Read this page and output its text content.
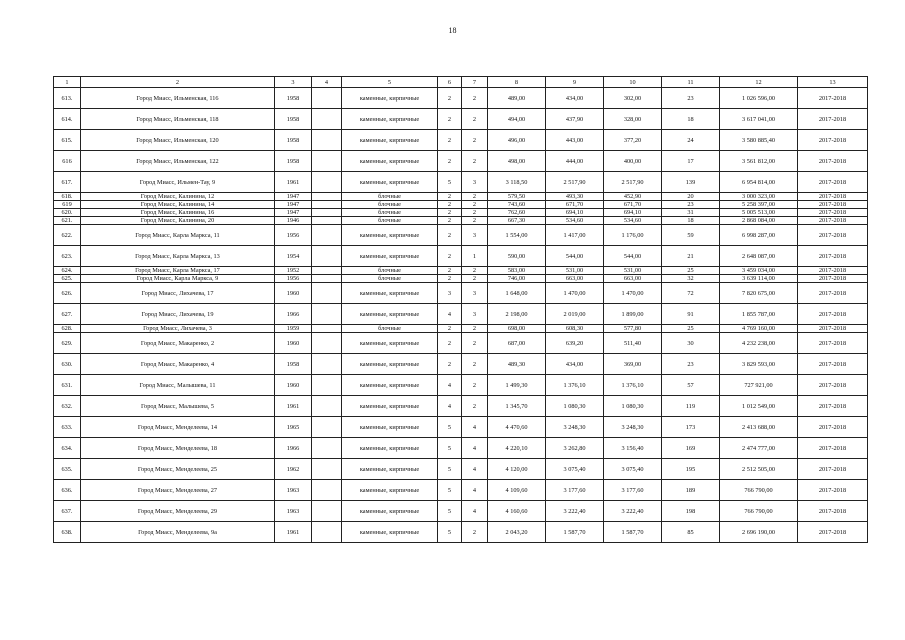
18
1	2	3	4	5	6	7	8	9	10	11	12	13
613.	Город Миасс, Ильменская, 116	1958		каменные, кирпичные	2	2	489,00	434,00	302,00	23	1 026 596,00	2017-2018
614.	Город Миасс, Ильменская, 118	1958		каменные, кирпичные	2	2	494,00	437,90	328,00	18	3 617 041,00	2017-2018
615.	Город Миасс, Ильменская, 120	1958		каменные, кирпичные	2	2	496,00	443,00	377,20	24	3 580 885,40	2017-2018
616	Город Миасс, Ильменская, 122	1958		каменные, кирпичные	2	2	498,00	444,00	400,00	17	3 561 812,00	2017-2018
617.	Город Миасс, Ильмен-Тау, 9	1961		каменные, кирпичные	5	3	3 118,50	2 517,90	2 517,90	139	6 954 814,00	2017-2018
618.	Город Миасс, Калинина, 12	1947		блочные	2	2	579,50	493,30	452,90	20	3 000 323,00	2017-2018
619	Город Миасс, Калинина, 14	1947		блочные	2	2	743,60	671,70	671,70	23	5 258 397,00	2017-2018
620.	Город Миасс, Калинина, 16	1947		блочные	2	2	762,60	694,10	694,10	31	5 005 513,00	2017-2018
621.	Город Миасс, Калинина, 20	1946		блочные	2	2	667,30	534,60	534,60	18	2 868 084,00	2017-2018
622.	Город Миасс, Карла Маркса, 11	1956		каменные, кирпичные	2	3	1 554,00	1 417,00	1 176,00	59	6 998 287,00	2017-2018
623.	Город Миасс, Карла Маркса, 13	1954		каменные, кирпичные	2	1	590,00	544,00	544,00	21	2 648 087,00	2017-2018
624.	Город Миасс, Карла Маркса, 17	1952		блочные	2	2	583,00	531,00	531,00	25	3 459 034,00	2017-2018
625.	Город Миасс, Карла Маркса, 9	1956		блочные	2	2	746,00	663,00	663,00	32	3 639 114,00	2017-2018
626.	Город Миасс, Лихачева, 17	1960		каменные, кирпичные	3	3	1 648,00	1 470,00	1 470,00	72	7 820 675,00	2017-2018
627.	Город Миасс, Лихачева, 19	1966		каменные, кирпичные	4	3	2 198,00	2 019,00	1 899,00	91	1 855 787,00	2017-2018
628.	Город Миасс, Лихачева, 3	1959		блочные	2	2	698,00	608,30	577,80	25	4 769 160,00	2017-2018
629.	Город Миасс, Макаренко, 2	1960		каменные, кирпичные	2	2	687,00	639,20	511,40	30	4 232 238,00	2017-2018
630.	Город Миасс, Макаренко, 4	1958		каменные, кирпичные	2	2	489,30	434,00	369,00	23	3 829 593,00	2017-2018
631.	Город Миасс, Малышева, 11	1960		каменные, кирпичные	4	2	1 499,30	1 376,10	1 376,10	57	727 921,00	2017-2018
632.	Город Миасс, Малышева, 5	1961		каменные, кирпичные	4	2	1 345,70	1 080,30	1 080,30	119	1 012 549,00	2017-2018
633.	Город Миасс, Менделеева, 14	1965		каменные, кирпичные	5	4	4 470,60	3 248,30	3 248,30	173	2 413 688,00	2017-2018
634.	Город Миасс, Менделеева, 18	1966		каменные, кирпичные	5	4	4 220,10	3 262,80	3 156,40	169	2 474 777,00	2017-2018
635.	Город Миасс, Менделеева, 25	1962		каменные, кирпичные	5	4	4 120,00	3 075,40	3 075,40	195	2 512 505,00	2017-2018
636.	Город Миасс, Менделеева, 27	1963		каменные, кирпичные	5	4	4 109,60	3 177,60	3 177,60	189	766 790,00	2017-2018
637.	Город Миасс, Менделеева, 29	1963		каменные, кирпичные	5	4	4 160,60	3 222,40	3 222,40	198	766 790,00	2017-2018
638.	Город Миасс, Менделеева, 9а	1961		каменные, кирпичные	5	2	2 043,20	1 587,70	1 587,70	85	2 696 190,00	2017-2018
